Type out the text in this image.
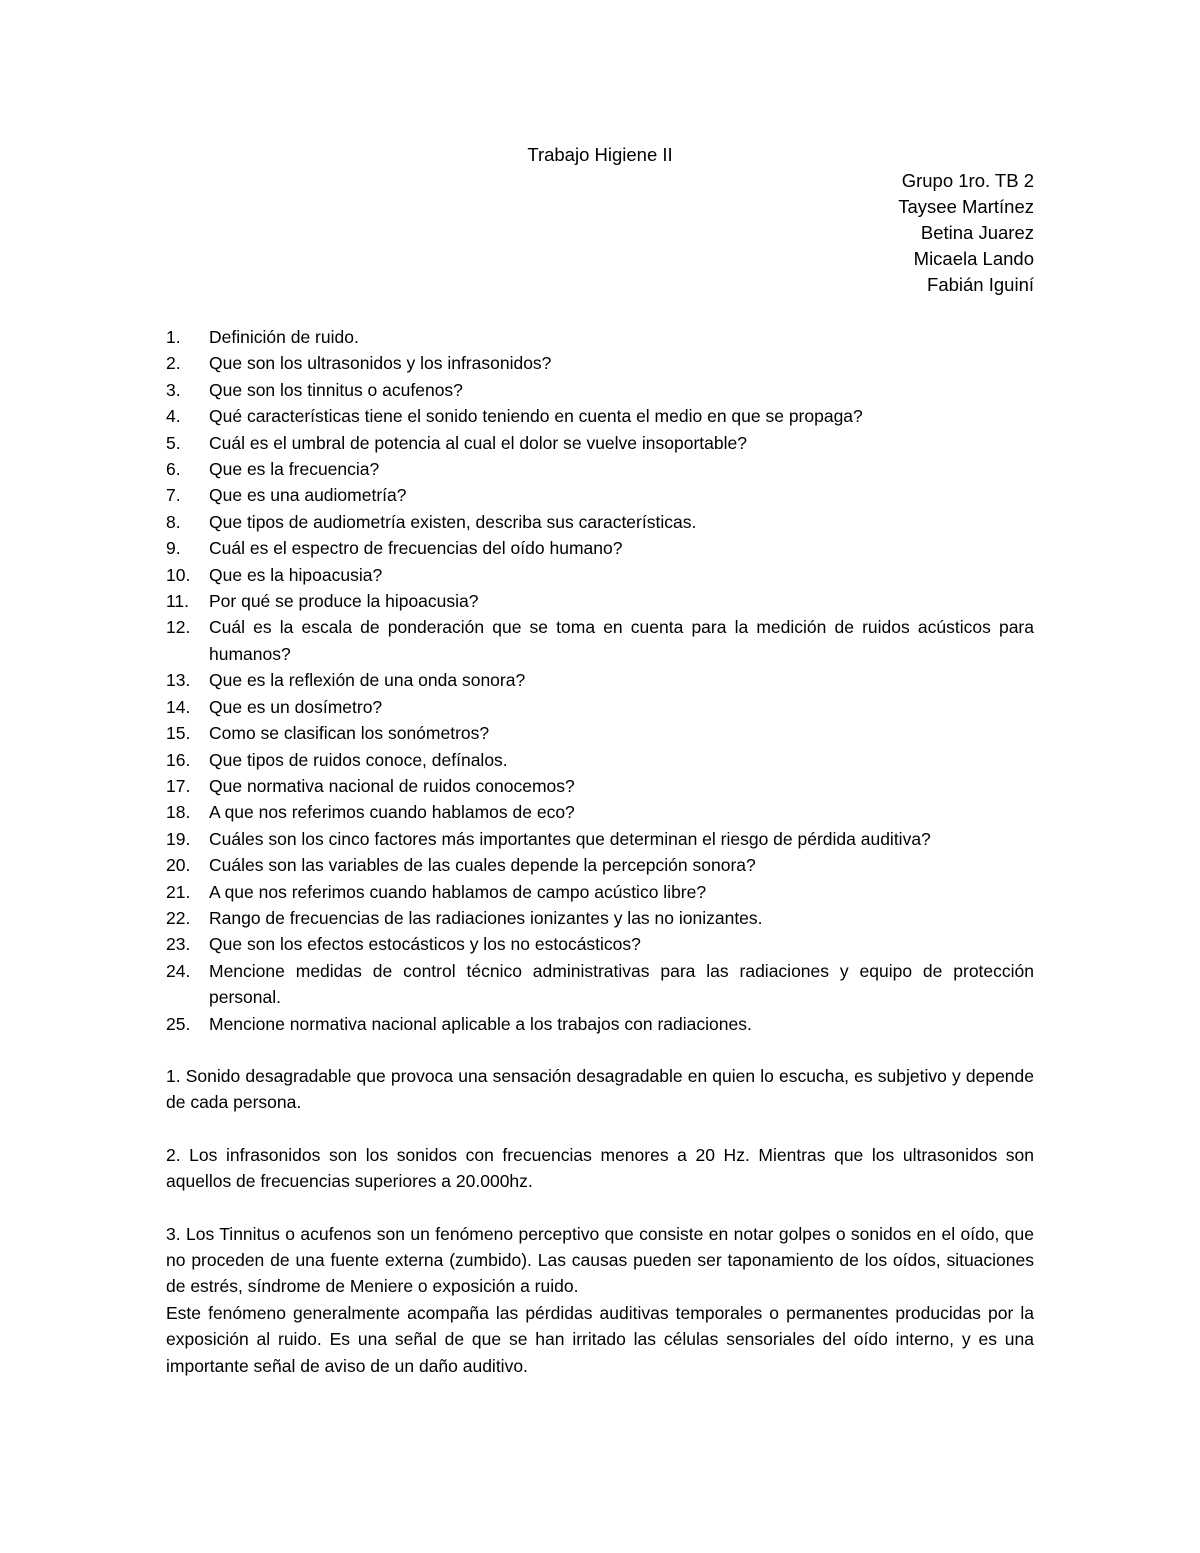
Trabajo Higiene II
Grupo 1ro. TB 2
Taysee Martínez
Betina Juarez
Micaela Lando
Fabián Iguiní
1.	Definición de ruido.
2.	Que son los ultrasonidos y los infrasonidos?
3.	Que son los tinnitus o acufenos?
4.	Qué características tiene el sonido teniendo en cuenta el medio en que se propaga?
5.	Cuál es el umbral de potencia al cual el dolor se vuelve insoportable?
6.	Que es la frecuencia?
7.	Que es una audiometría?
8.	Que tipos de audiometría existen, describa sus características.
9.	Cuál es el espectro de frecuencias del oído humano?
10.	Que es la hipoacusia?
11.	Por qué se produce la hipoacusia?
12.	Cuál es la escala de ponderación que se toma en cuenta para la medición de ruidos acústicos para humanos?
13.	Que es la reflexión de una onda sonora?
14.	Que es un dosímetro?
15.	Como se clasifican los sonómetros?
16.	Que tipos de ruidos conoce, defínalos.
17.	Que normativa nacional de ruidos conocemos?
18.	A que nos referimos cuando hablamos de eco?
19.	Cuáles son los cinco factores más importantes que determinan el riesgo de pérdida auditiva?
20.	Cuáles son las variables de las cuales depende la percepción sonora?
21.	A que nos referimos cuando hablamos de campo acústico libre?
22.	Rango de frecuencias de las radiaciones ionizantes y las no ionizantes.
23.	Que son los efectos estocásticos y los no estocásticos?
24.	Mencione medidas de control técnico administrativas para las radiaciones y equipo de protección personal.
25.	Mencione normativa nacional aplicable a los trabajos con radiaciones.

1. Sonido desagradable que provoca una sensación desagradable en quien lo escucha, es subjetivo y depende de cada persona.

2. Los infrasonidos son los sonidos con frecuencias menores a 20 Hz. Mientras que los ultrasonidos son aquellos de frecuencias superiores a 20.000hz.

3. Los Tinnitus o acufenos son un fenómeno perceptivo que consiste en notar golpes o sonidos en el oído, que no proceden de una fuente externa (zumbido). Las causas pueden ser taponamiento de los oídos, situaciones de estrés, síndrome de Meniere o exposición a ruido.

Este fenómeno generalmente acompaña las pérdidas auditivas temporales o permanentes producidas por la exposición al ruido. Es una señal de que se han irritado las células sensoriales del oído interno, y es una importante señal de aviso de un daño auditivo.
